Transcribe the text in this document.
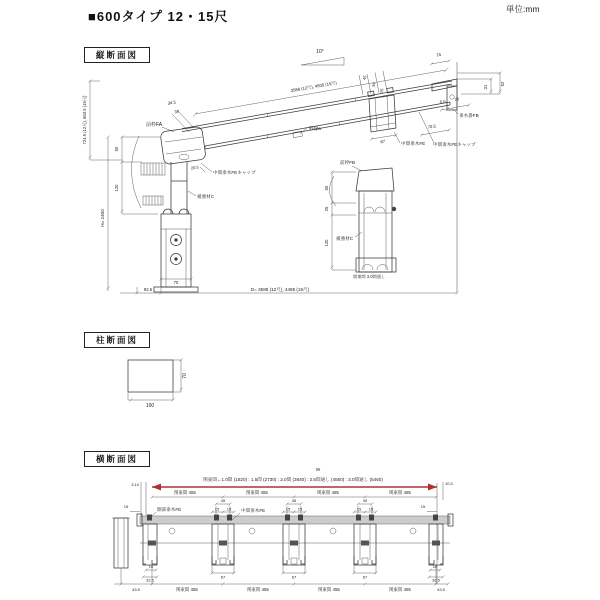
■600タイプ 12・15尺	単位:mm
縦断面図
柱断面図
横断面図
10°
3586 (12尺), 4500 (15尺)
15
前枠FA
34.5
34
20.5
中間垂木FEキャップ
補強材C
724.5 (12尺), 863.5 (15尺)
50
120
H= 2400
92.5	D= 3585 (12尺), 4485 (15尺)
70
野縁a
67
45
34
25
中間垂木FE 中間垂木FEキャップ
52
31
8.5 26
垂木掛FB
70.5
前枠FB
60
25
120
補強材C
関東間 3.0間通し
70
100
W
関東間←1.0間 (1820) : 1.5間 (2730) : 2.0間 (3640) : 2.5間通し (4550) : 3.0間通し (5460)
3,10	10,3
関東間 455	関東間 455	関東間 455	関東間 455
10
32.5
15
45
15 15
67
45
15 15
67
45
15 15
67
10
32.5
15
側部垂木FE	中間垂木FE
43.5	関東間 455	関東間 455	関東間 455	関東間 455	43.5
